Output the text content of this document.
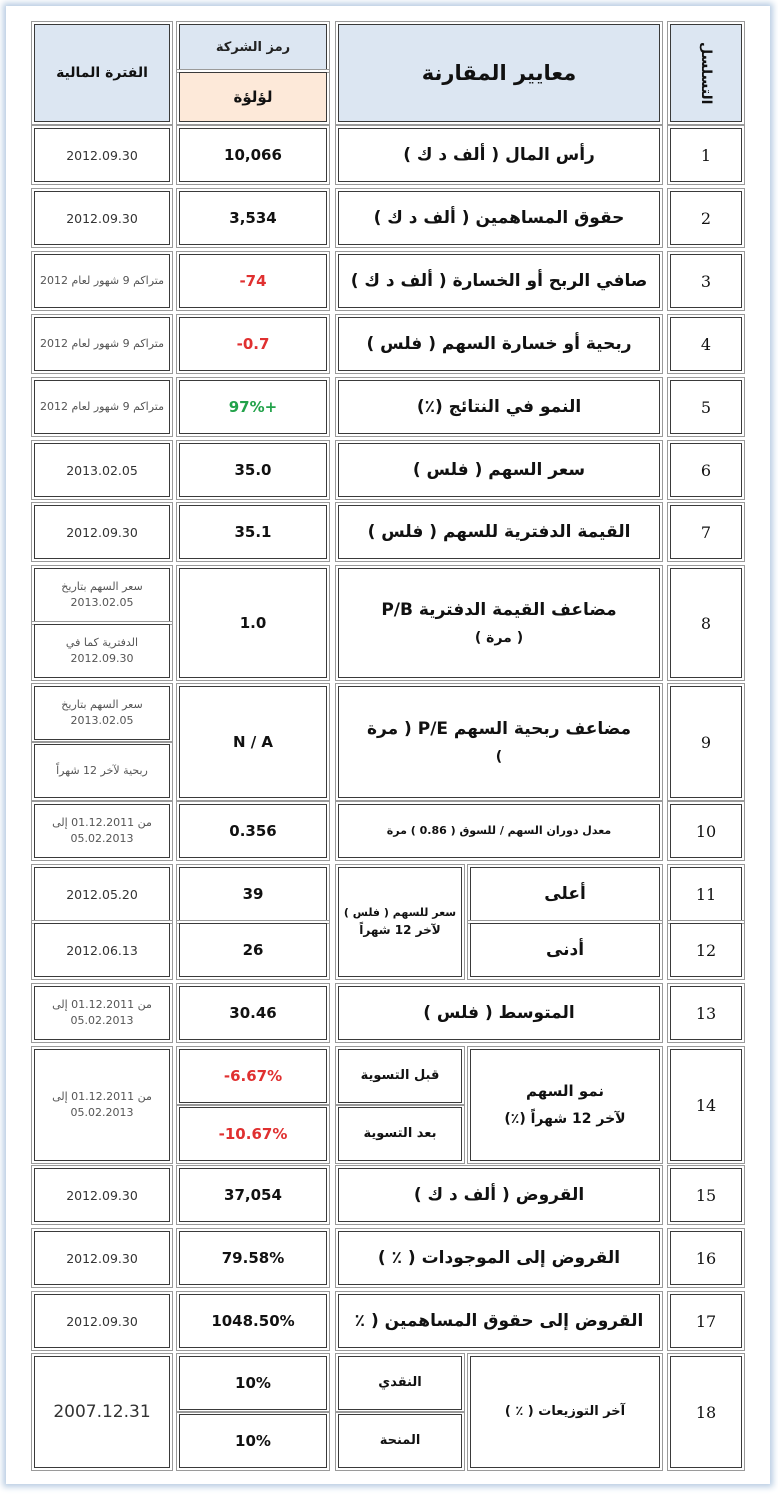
التسلسل
معايير المقارنة
رمز الشركة
لؤلؤة
الفترة المالية
1
رأس المال ( ألف د ك )
10,066
2012.09.30
2
حقوق المساهمين ( ألف د ك )
3,534
2012.09.30
3
صافي الربح أو الخسارة ( ألف د ك )
-74
متراكم 9 شهور لعام 2012
4
ربحية أو خسارة السهم ( فلس )
-0.7
متراكم 9 شهور لعام 2012
5
النمو في النتائج (٪)
97%+
متراكم 9 شهور لعام 2012
6
سعر السهم ( فلس )
35.0
2013.02.05
7
القيمة الدفترية للسهم ( فلس )
35.1
2012.09.30
8
مضاعف القيمة الدفترية P/B
( مرة )
1.0
سعر السهم بتاريخ 2013.02.05
الدفترية كما في 2012.09.30
9
مضاعف ربحية السهم P/E ( مرة
)
N / A
سعر السهم بتاريخ 2013.02.05
ربحية لآخر 12 شهراً
10
معدل دوران السهم / للسوق ( 0.86 ) مرة
0.356
من 01.12.2011 إلى 05.02.2013
11
12
أعلى
أدنى
سعر للسهم ( فلس )
لآخر 12 شهراً
39
26
2012.05.20
2012.06.13
13
المتوسط ( فلس )
30.46
من 01.12.2011 إلى 05.02.2013
14
نمو السهم
لآخر 12 شهراً (٪)
قبل التسوية
بعد التسوية
-6.67%
-10.67%
من 01.12.2011 إلى 05.02.2013
15
القروض ( ألف د ك )
37,054
2012.09.30
16
القروض إلى الموجودات ( ٪ )
79.58%
2012.09.30
17
القروض إلى حقوق المساهمين ( ٪
1048.50%
2012.09.30
18
آخر التوزيعات ( ٪ )
النقدي
المنحة
10%
10%
2007.12.31
